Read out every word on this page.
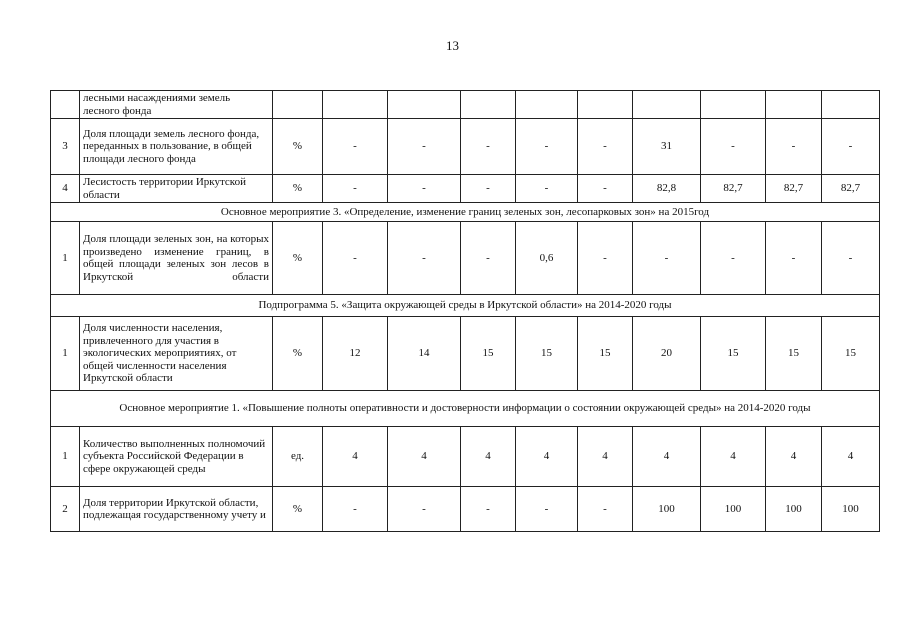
13
	лесными насаждениями земель лесного фонда										
3	Доля площади земель лесного фонда, переданных в пользование, в общей площади лесного фонда	%	-	-	-	-	-	31	-	-	-
4	Лесистость территории Иркутской области	%	-	-	-	-	-	82,8	82,7	82,7	82,7
Основное мероприятие 3. «Определение, изменение границ зеленых зон, лесопарковых зон» на 2015год											
1	Доля площади зеленых зон, на которых произведено изменение границ, в общей площади зеленых зон лесов в Иркутской области	%	-	-	-	0,6	-	-	-	-	-
Подпрограмма 5. «Защита окружающей среды в Иркутской области» на 2014-2020 годы											
1	Доля численности населения, привлеченного для участия в экологических мероприятиях, от общей численности населения Иркутской области	%	12	14	15	15	15	20	15	15	15
Основное мероприятие 1. «Повышение полноты оперативности и достоверности информации о состоянии окружающей среды» на 2014-2020 годы											
1	Количество выполненных полномочий субъекта Российской Федерации в сфере окружающей среды	ед.	4	4	4	4	4	4	4	4	4
2	Доля территории Иркутской области, подлежащая государственному учету и	%	-	-	-	-	-	100	100	100	100
